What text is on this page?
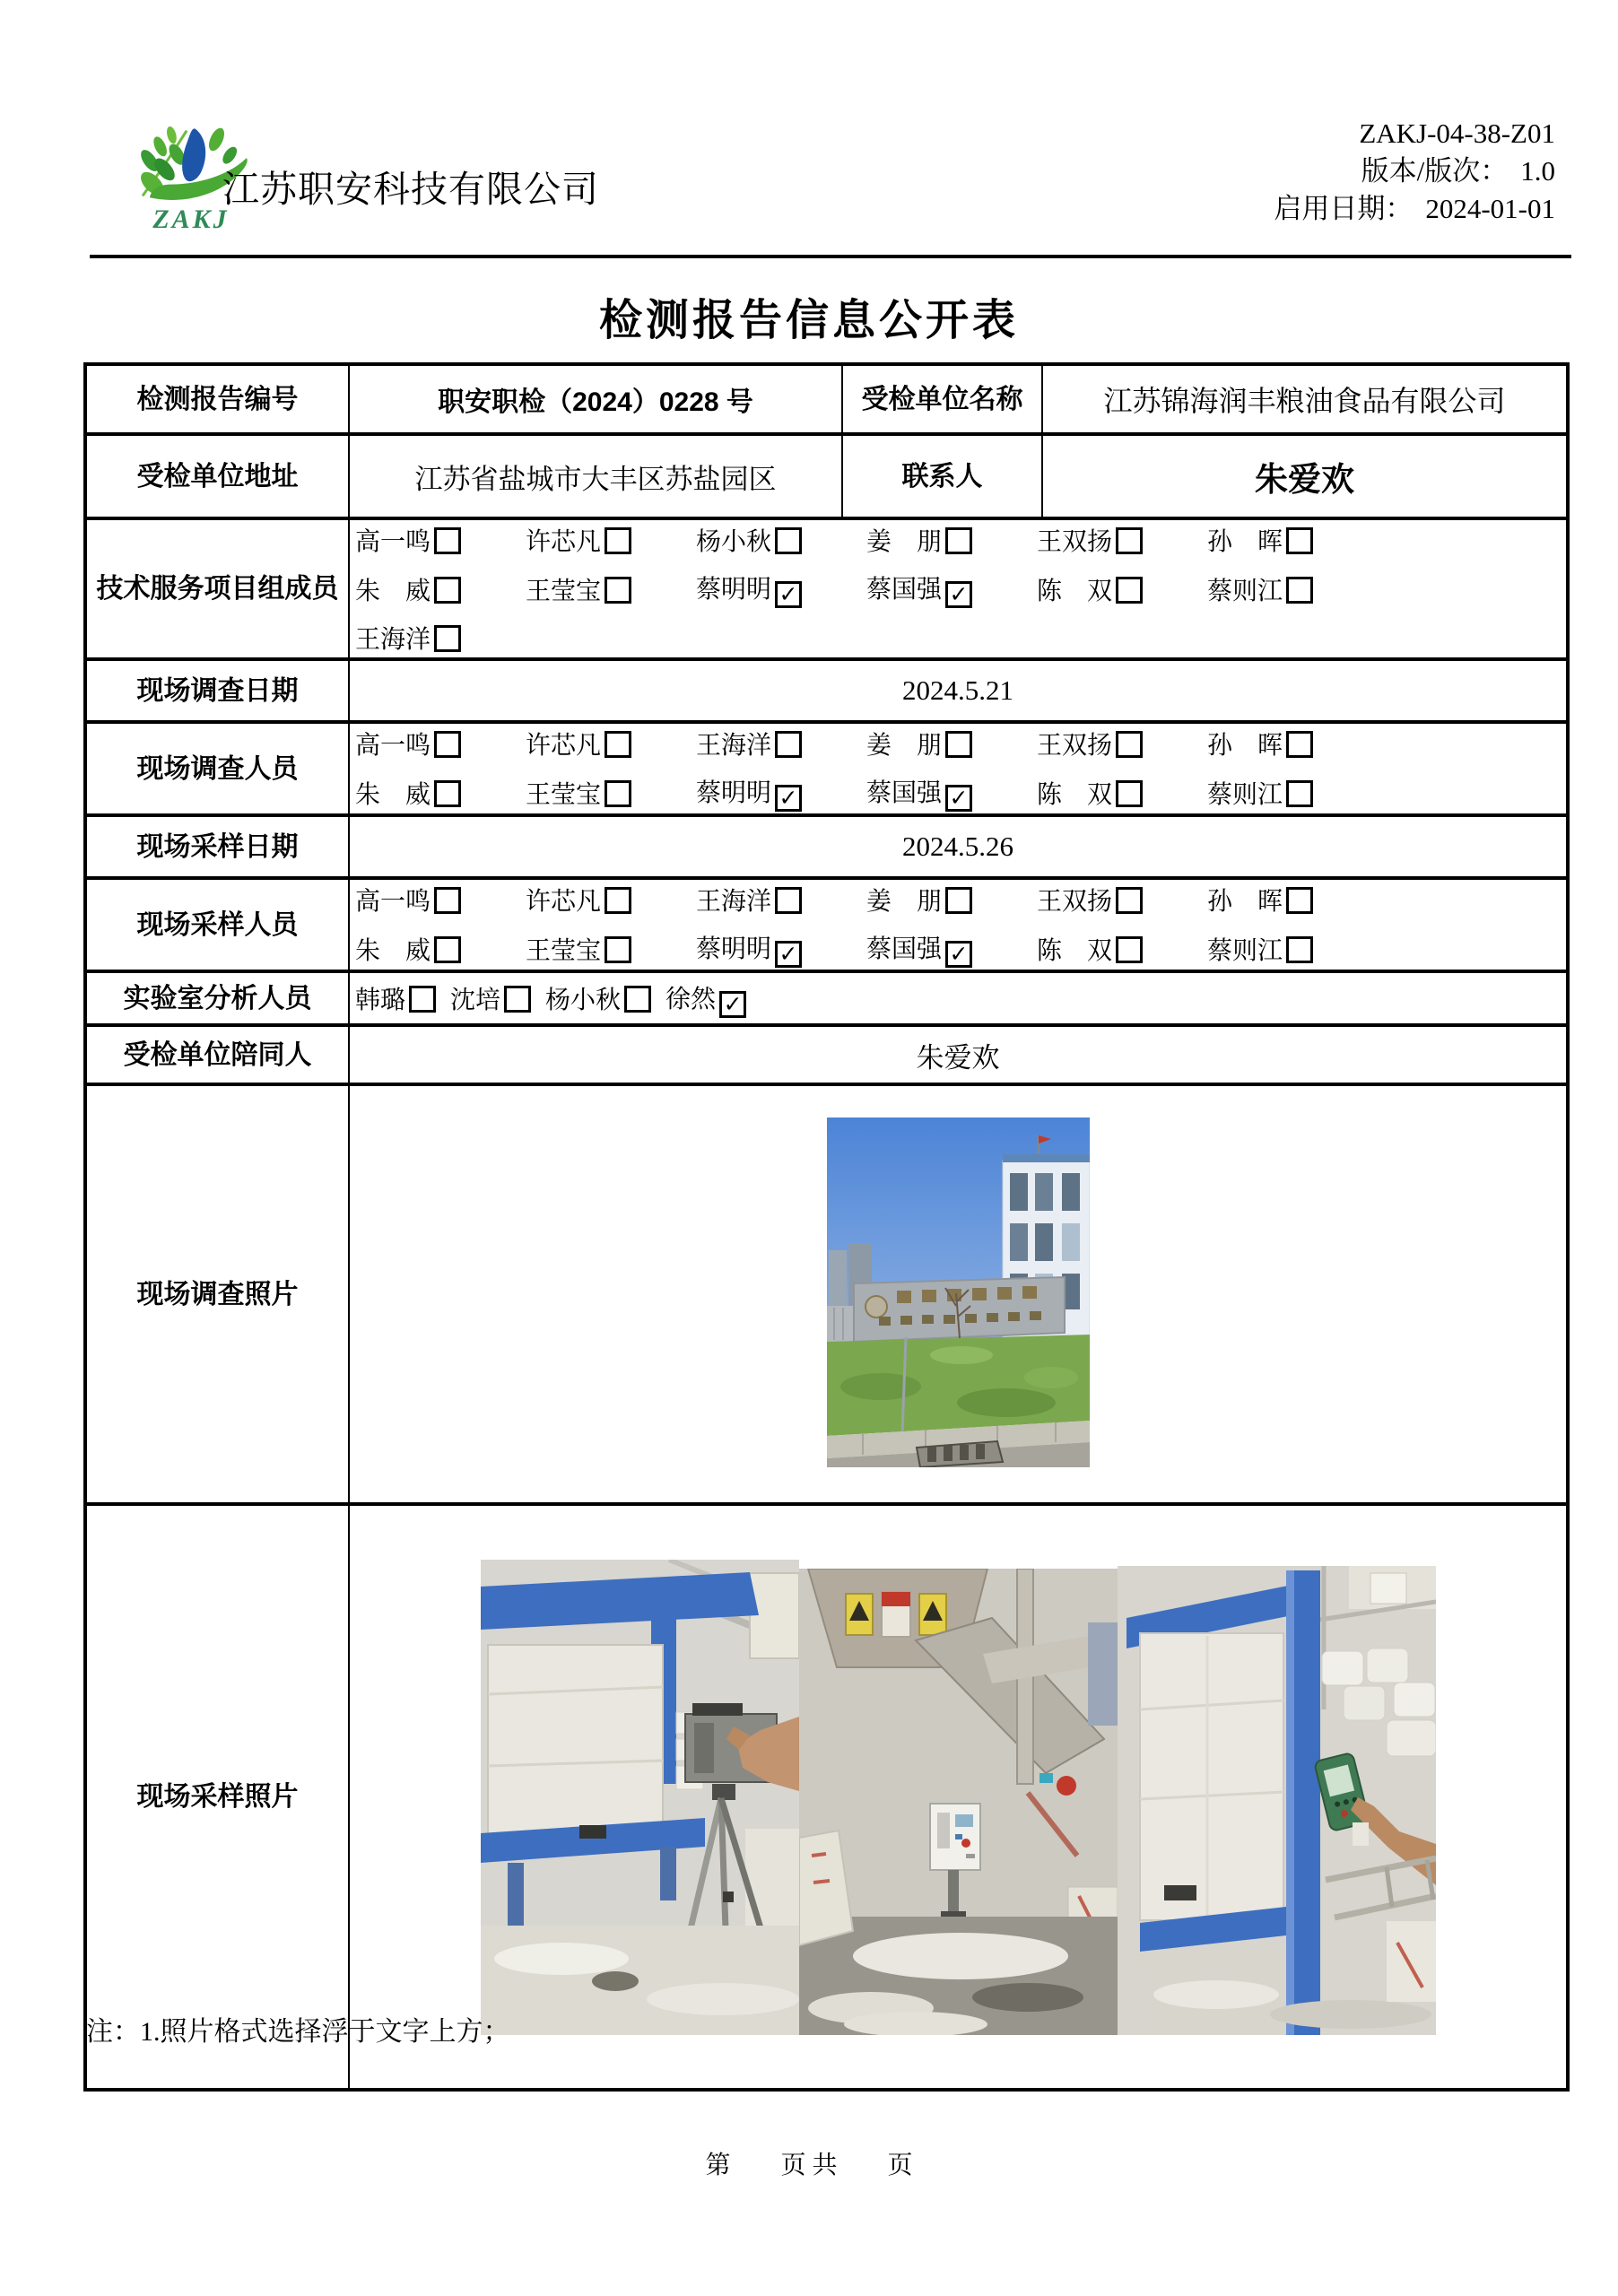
ZAKJ
江苏职安科技有限公司
ZAKJ-04-38-Z01
版本/版次： 1.0
启用日期： 2024-01-01
检测报告信息公开表
检测报告编号	职安职检（2024）0228 号	受检单位名称	江苏锦海润丰粮油食品有限公司
受检单位地址	江苏省盐城市大丰区苏盐园区	联系人	朱爱欢
技术服务项目组成员	
高一鸣	许芯凡	杨小秋	姜　朋	王双扬	孙　晖
朱　威	王莹宝	蔡明明 ✓	蔡国强 ✓	陈　双	蔡则江
王海洋

现场调查日期	2024.5.21		
现场调查人员	
高一鸣	许芯凡	王海洋	姜　朋	王双扬	孙　晖
朱　威	王莹宝	蔡明明 ✓	蔡国强 ✓	陈　双	蔡则江

现场采样日期	2024.5.26		
现场采样人员	
高一鸣	许芯凡	王海洋	姜　朋	王双扬	孙　晖
朱　威	王莹宝	蔡明明 ✓	蔡国强 ✓	陈　双	蔡则江

实验室分析人员	韩璐 沈培 杨小秋 徐然 ✓		

受检单位陪同人	朱爱欢		
现场调查照片	
现场采样照片	
注：1.照片格式选择浮于文字上方；
第　　页 共　　页
